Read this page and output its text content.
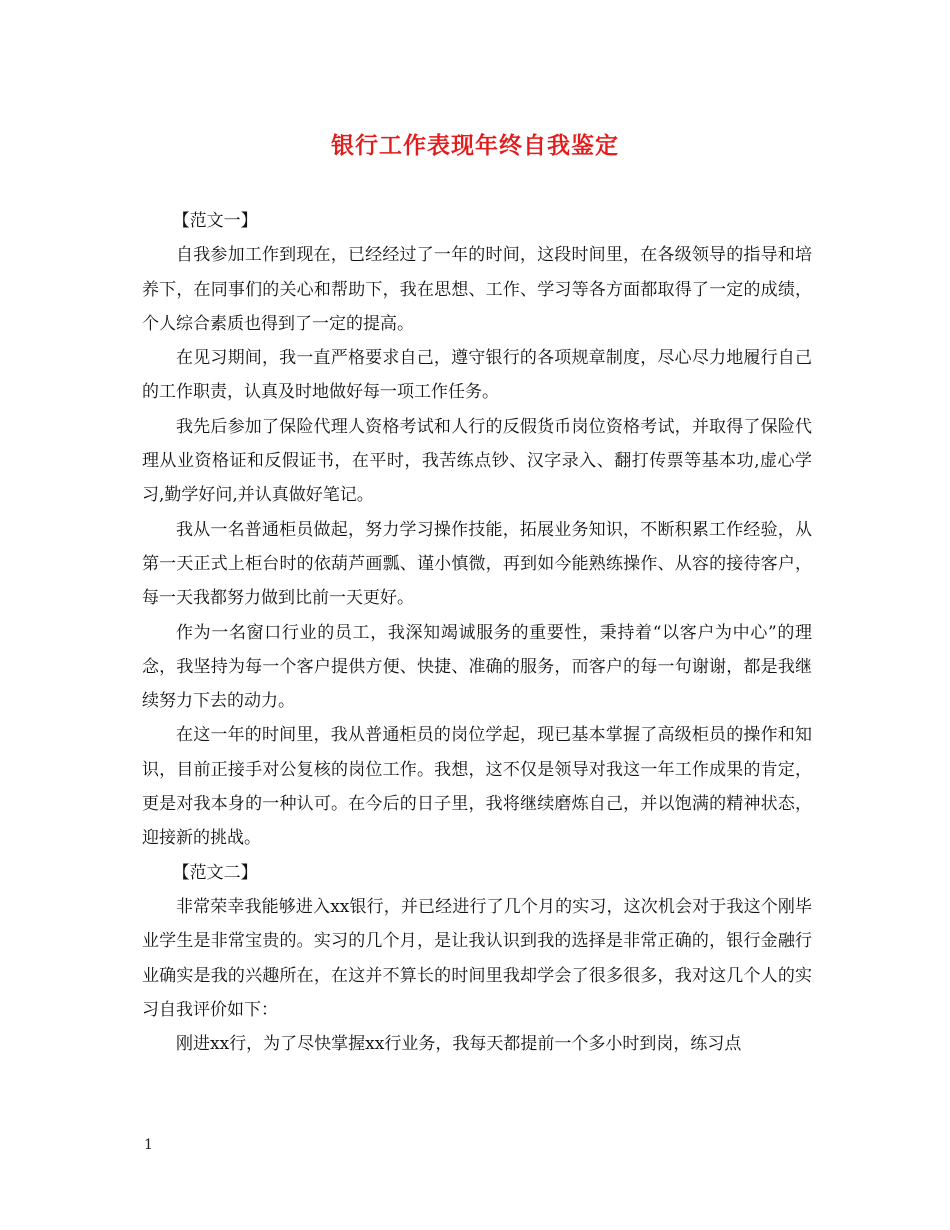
银行工作表现年终自我鉴定

【范文一】

自我参加工作到现在，已经经过了一年的时间，这段时间里，在各级领导的指导和培养下，在同事们的关心和帮助下，我在思想、工作、学习等各方面都取得了一定的成绩，个人综合素质也得到了一定的提高。

在见习期间，我一直严格要求自己，遵守银行的各项规章制度，尽心尽力地履行自己的工作职责，认真及时地做好每一项工作任务。

我先后参加了保险代理人资格考试和人行的反假货币岗位资格考试，并取得了保险代理从业资格证和反假证书，在平时，我苦练点钞、汉字录入、翻打传票等基本功,虚心学习,勤学好问,并认真做好笔记。

我从一名普通柜员做起，努力学习操作技能，拓展业务知识，不断积累工作经验，从第一天正式上柜台时的依葫芦画瓢、谨小慎微，再到如今能熟练操作、从容的接待客户，每一天我都努力做到比前一天更好。

作为一名窗口行业的员工，我深知竭诚服务的重要性，秉持着“以客户为中心”的理念，我坚持为每一个客户提供方便、快捷、准确的服务，而客户的每一句谢谢，都是我继续努力下去的动力。

在这一年的时间里，我从普通柜员的岗位学起，现已基本掌握了高级柜员的操作和知识，目前正接手对公复核的岗位工作。我想，这不仅是领导对我这一年工作成果的肯定，更是对我本身的一种认可。在今后的日子里，我将继续磨炼自己，并以饱满的精神状态，迎接新的挑战。

【范文二】

非常荣幸我能够进入xx银行，并已经进行了几个月的实习，这次机会对于我这个刚毕业学生是非常宝贵的。实习的几个月，是让我认识到我的选择是非常正确的，银行金融行业确实是我的兴趣所在，在这并不算长的时间里我却学会了很多很多，我对这几个人的实习自我评价如下：

刚进xx行，为了尽快掌握xx行业务，我每天都提前一个多小时到岗，练习点

1
